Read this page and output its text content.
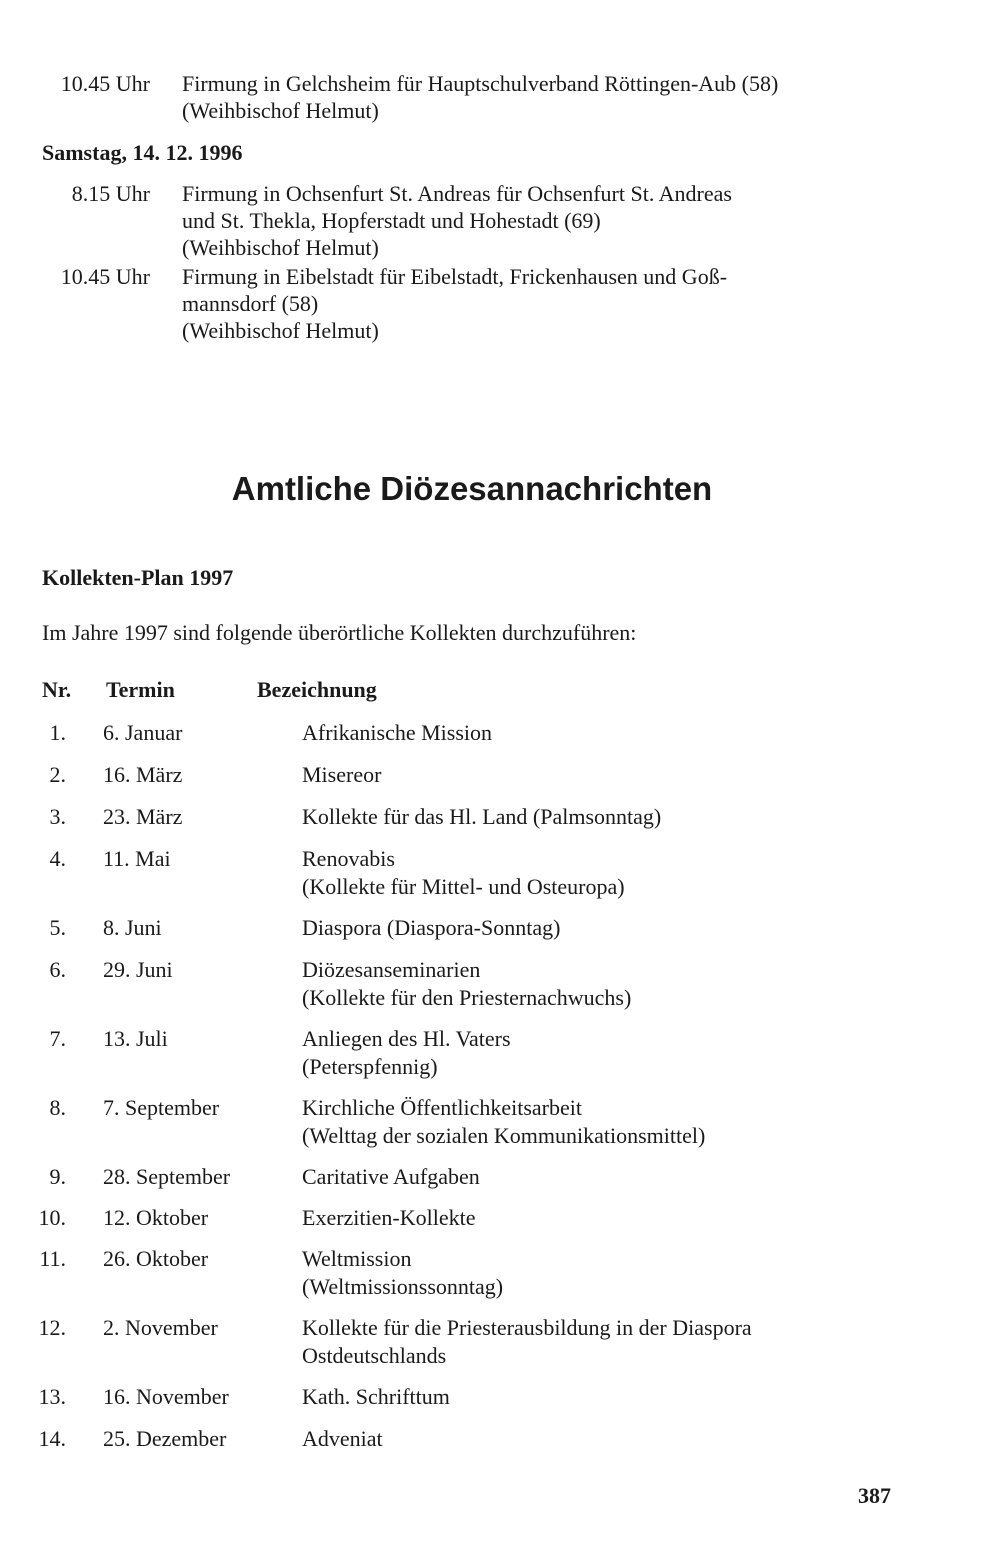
10.45 Uhr Firmung in Gelchsheim für Hauptschulverband Röttingen-Aub (58)
(Weihbischof Helmut)
Samstag, 14. 12. 1996
8.15 Uhr Firmung in Ochsenfurt St. Andreas für Ochsenfurt St. Andreas
und St. Thekla, Hopferstadt und Hohestadt (69)
(Weihbischof Helmut)
10.45 Uhr Firmung in Eibelstadt für Eibelstadt, Frickenhausen und Goß-
mannsdorf (58)
(Weihbischof Helmut)
Amtliche Diözesannachrichten
Kollekten-Plan 1997
Im Jahre 1997 sind folgende überörtliche Kollekten durchzuführen:
Nr. Termin	Bezeichnung
1. 6. Januar	Afrikanische Mission
2. 16. März	Misereor
3. 23. März	Kollekte für das Hl. Land (Palmsonntag)
4. 11. Mai	Renovabis
(Kollekte für Mittel- und Osteuropa)
5. 8. Juni	Diaspora (Diaspora-Sonntag)
6. 29. Juni	Diözesanseminarien
(Kollekte für den Priesternachwuchs)
7. 13. Juli	Anliegen des Hl. Vaters
(Peterspfennig)
8. 7. September	Kirchliche Öffentlichkeitsarbeit
(Welttag der sozialen Kommunikationsmittel)
9. 28. September	Caritative Aufgaben
10. 12. Oktober	Exerzitien-Kollekte
11. 26. Oktober	Weltmission
(Weltmissionssonntag)
12. 2. November	Kollekte für die Priesterausbildung in der Diaspora
Ostdeutschlands
13. 16. November	Kath. Schrifttum
14. 25. Dezember	Adveniat
387
